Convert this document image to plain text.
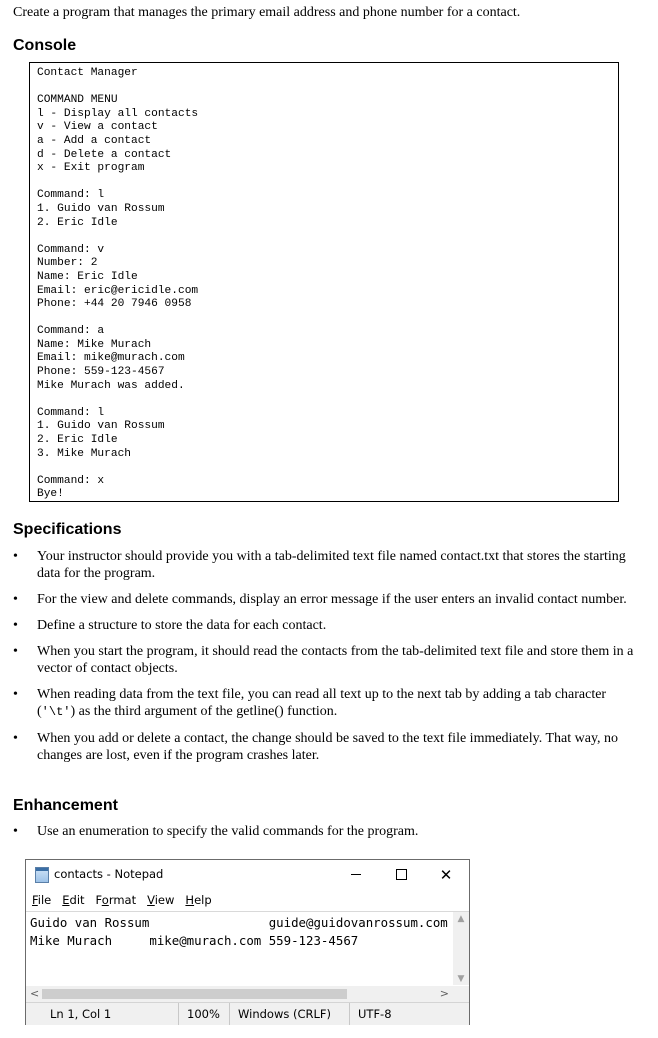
Create a program that manages the primary email address and phone number for a contact.
Console
Contact Manager

COMMAND MENU
l - Display all contacts
v - View a contact
a - Add a contact
d - Delete a contact
x - Exit program

Command: l
1. Guido van Rossum
2. Eric Idle

Command: v
Number: 2
Name: Eric Idle
Email: eric@ericidle.com
Phone: +44 20 7946 0958

Command: a
Name: Mike Murach
Email: mike@murach.com
Phone: 559-123-4567
Mike Murach was added.

Command: l
1. Guido van Rossum
2. Eric Idle
3. Mike Murach

Command: x
Bye!
Specifications
• Your instructor should provide you with a tab-delimited text file named contact.txt that stores the starting data for the program.
• For the view and delete commands, display an error message if the user enters an invalid contact number.
• Define a structure to store the data for each contact.
• When you start the program, it should read the contacts from the tab-delimited text file and store them in a vector of contact objects.
• When reading data from the text file, you can read all text up to the next tab by adding a tab character ('\t') as the third argument of the getline() function.
• When you add or delete a contact, the change should be saved to the text file immediately. That way, no changes are lost, even if the program crashes later.
Enhancement
• Use an enumeration to specify the valid commands for the program.
contacts - Notepad	✕
File Edit Format View Help
Guido van Rossum		guide@guidovanrossum.com
Mike Murach	mike@murach.com 559-123-4567
▲
▼
<	>
Ln 1, Col 1	100%	Windows (CRLF)	UTF-8
